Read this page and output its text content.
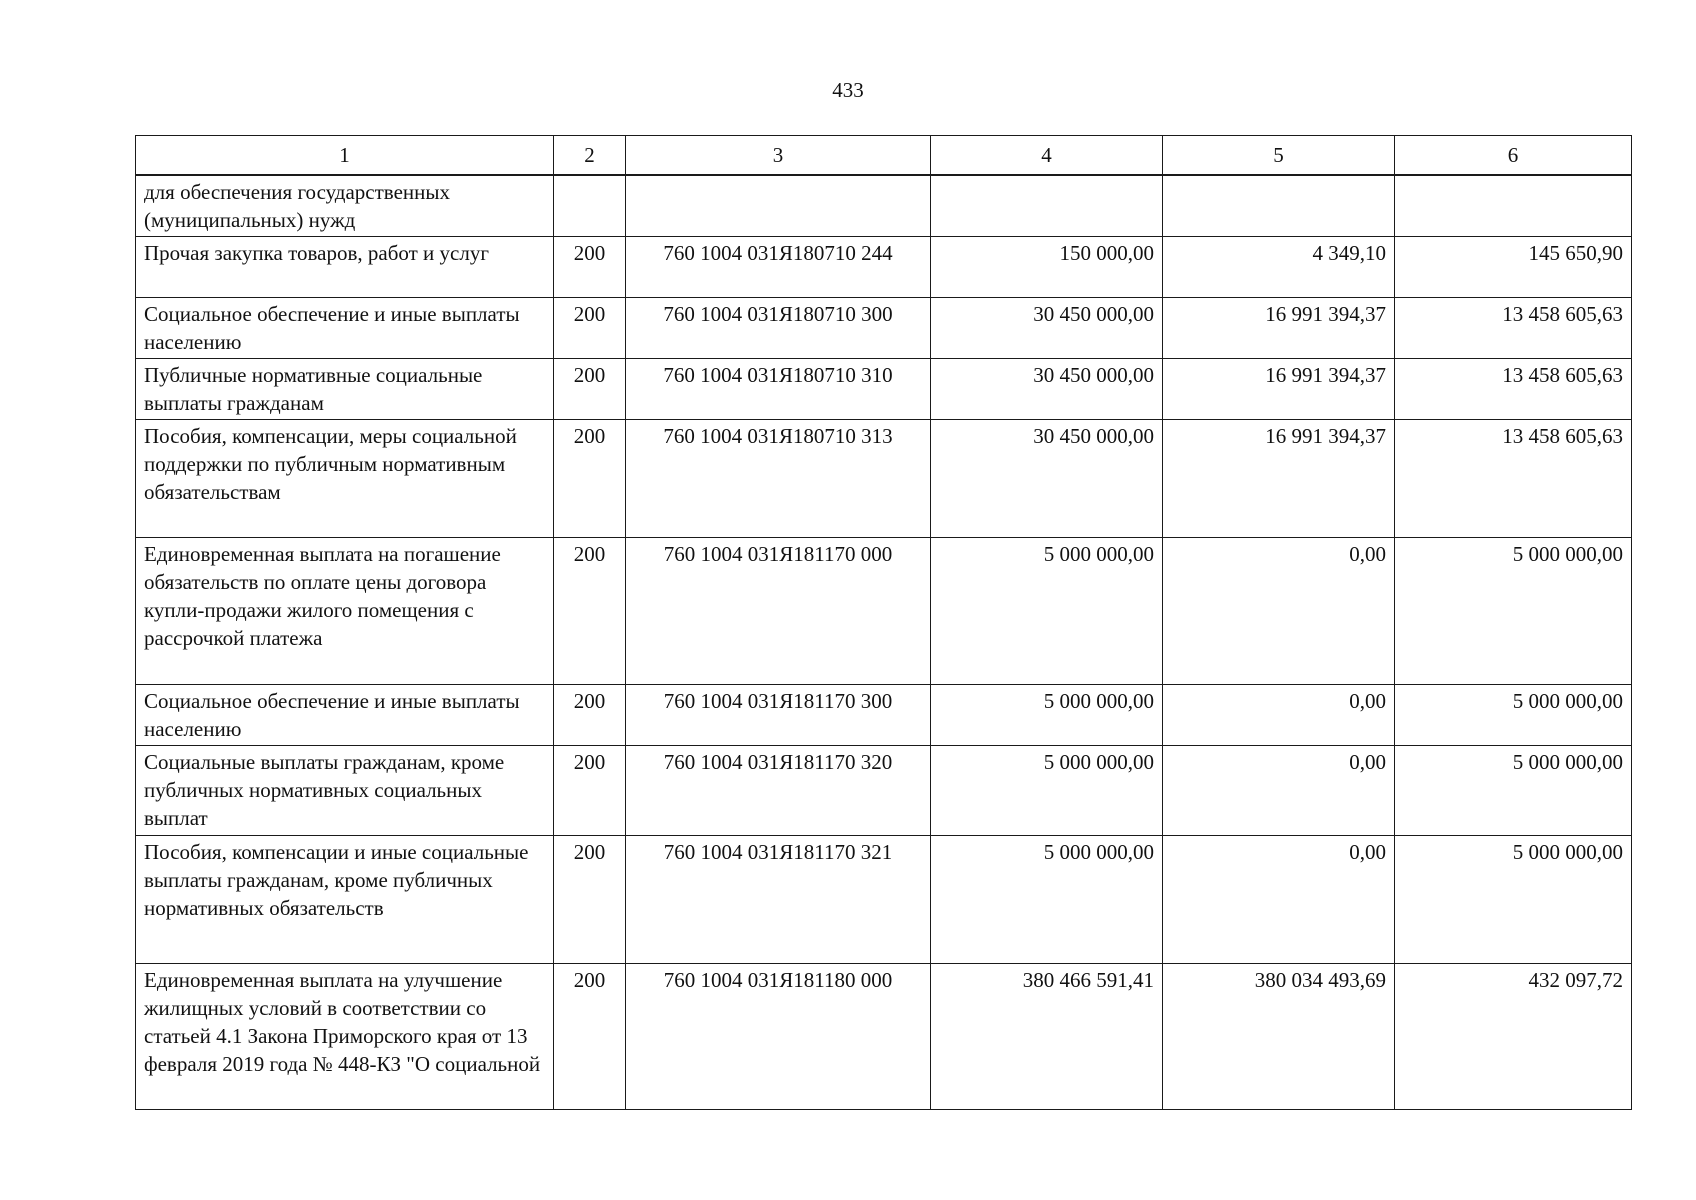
433
1	2	3	4	5	6
для обеспечения государственных (муниципальных) нужд					
Прочая закупка товаров, работ и услуг	200	760 1004 031Я180710 244	150 000,00	4 349,10	145 650,90
Социальное обеспечение и иные выплаты населению	200	760 1004 031Я180710 300	30 450 000,00	16 991 394,37	13 458 605,63
Публичные нормативные социальные выплаты гражданам	200	760 1004 031Я180710 310	30 450 000,00	16 991 394,37	13 458 605,63
Пособия, компенсации, меры социальной поддержки по публичным нормативным обязательствам	200	760 1004 031Я180710 313	30 450 000,00	16 991 394,37	13 458 605,63
Единовременная выплата на погашение обязательств по оплате цены договора купли-продажи жилого помещения с рассрочкой платежа	200	760 1004 031Я181170 000	5 000 000,00	0,00	5 000 000,00
Социальное обеспечение и иные выплаты населению	200	760 1004 031Я181170 300	5 000 000,00	0,00	5 000 000,00
Социальные выплаты гражданам, кроме публичных нормативных социальных выплат	200	760 1004 031Я181170 320	5 000 000,00	0,00	5 000 000,00
Пособия, компенсации и иные социальные выплаты гражданам, кроме публичных нормативных обязательств	200	760 1004 031Я181170 321	5 000 000,00	0,00	5 000 000,00
Единовременная выплата на улучшение жилищных условий в соответствии со статьей 4.1 Закона Приморского края от 13 февраля 2019 года № 448-КЗ "О социальной	200	760 1004 031Я181180 000	380 466 591,41	380 034 493,69	432 097,72
